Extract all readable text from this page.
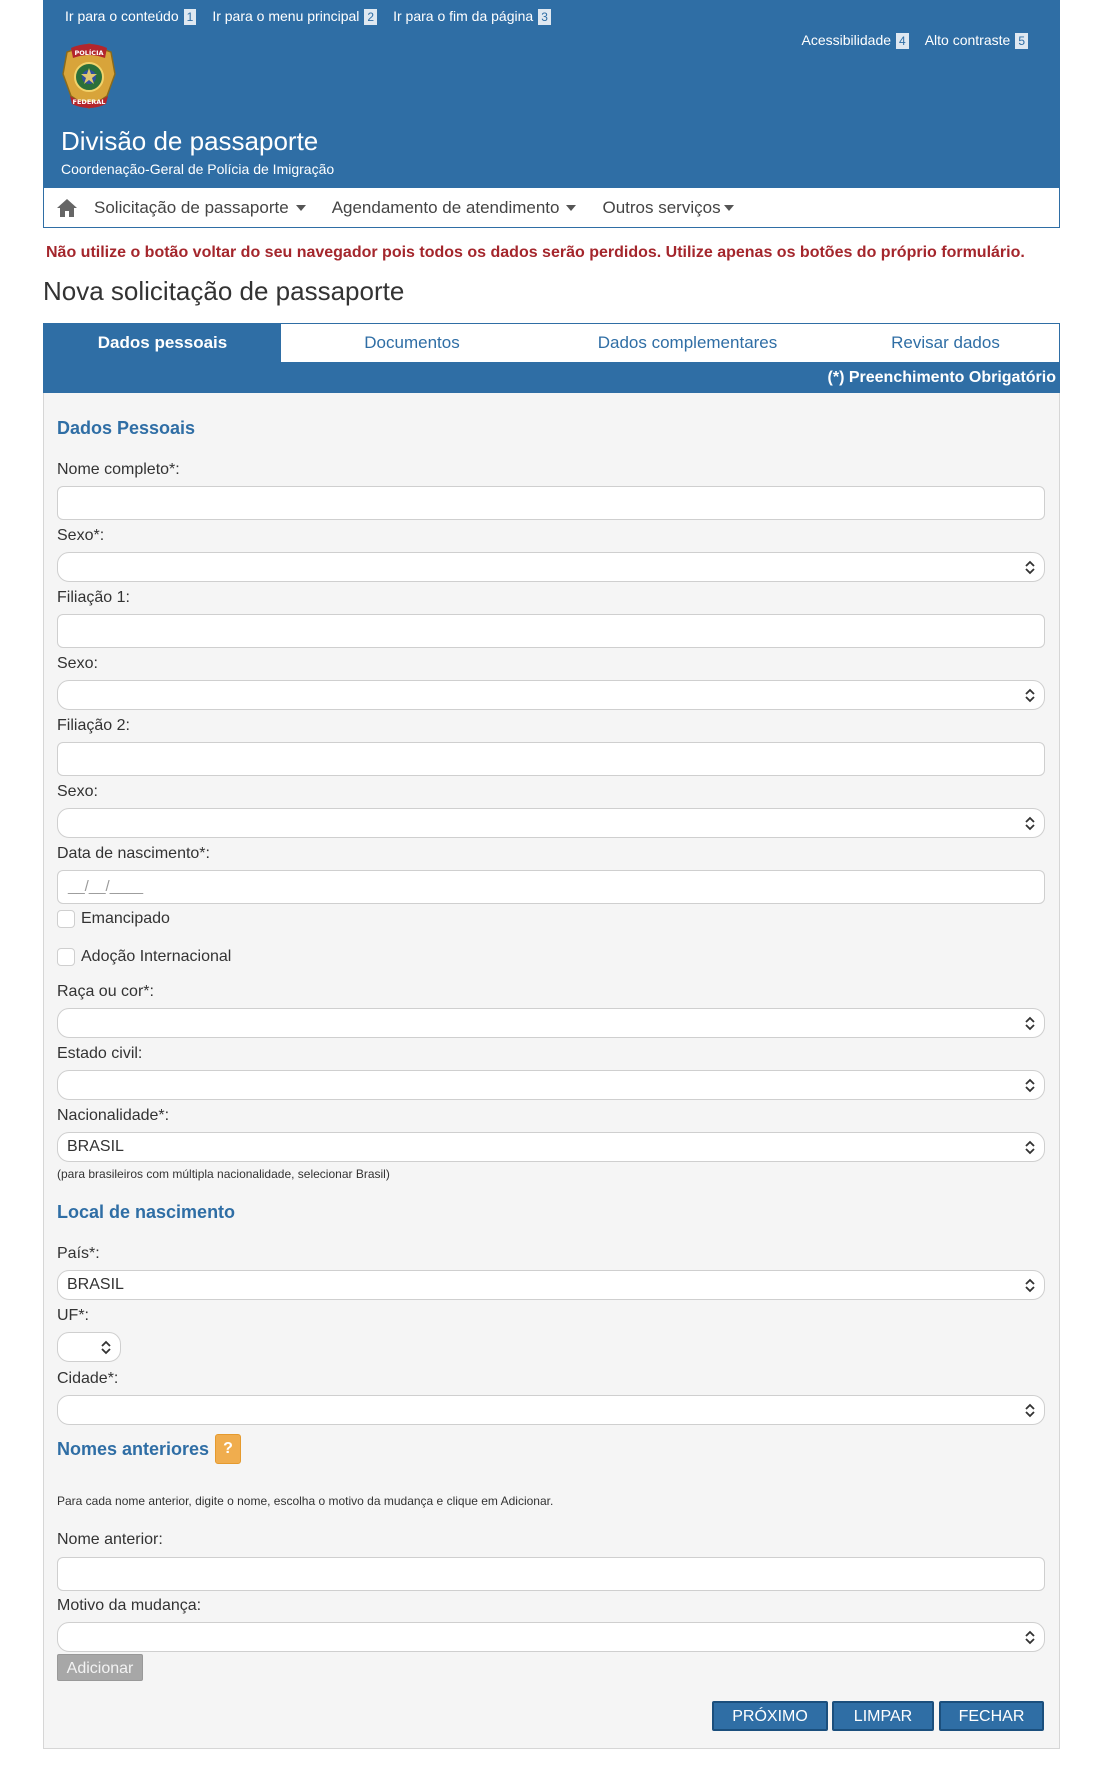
Ir para o conteúdo 1 Ir para o menu principal 2 Ir para o fim da página 3
Acessibilidade 4 Alto contraste 5
POLÍCIA
FEDERAL
Divisão de passaporte
Coordenação-Geral de Polícia de Imigração
Solicitação de passaporte	Agendamento de atendimento	Outros serviços
Não utilize o botão voltar do seu navegador pois todos os dados serão perdidos. Utilize apenas os botões do próprio formulário.
Nova solicitação de passaporte
Dados pessoais	Documentos	Dados complementares	Revisar dados
(*) Preenchimento Obrigatório
Dados Pessoais
Nome completo*:
Sexo*:
Filiação 1:
Sexo:
Filiação 2:
Sexo:
Data de nascimento*:
__/__/____
Emancipado
Adoção Internacional
Raça ou cor*:
Estado civil:
Nacionalidade*:
BRASIL
(para brasileiros com múltipla nacionalidade, selecionar Brasil)
Local de nascimento
País*:
BRASIL
UF*:
Cidade*:
Nomes anteriores ?
Para cada nome anterior, digite o nome, escolha o motivo da mudança e clique em Adicionar.
Nome anterior:
Motivo da mudança:
Adicionar
PRÓXIMO	LIMPAR	FECHAR
